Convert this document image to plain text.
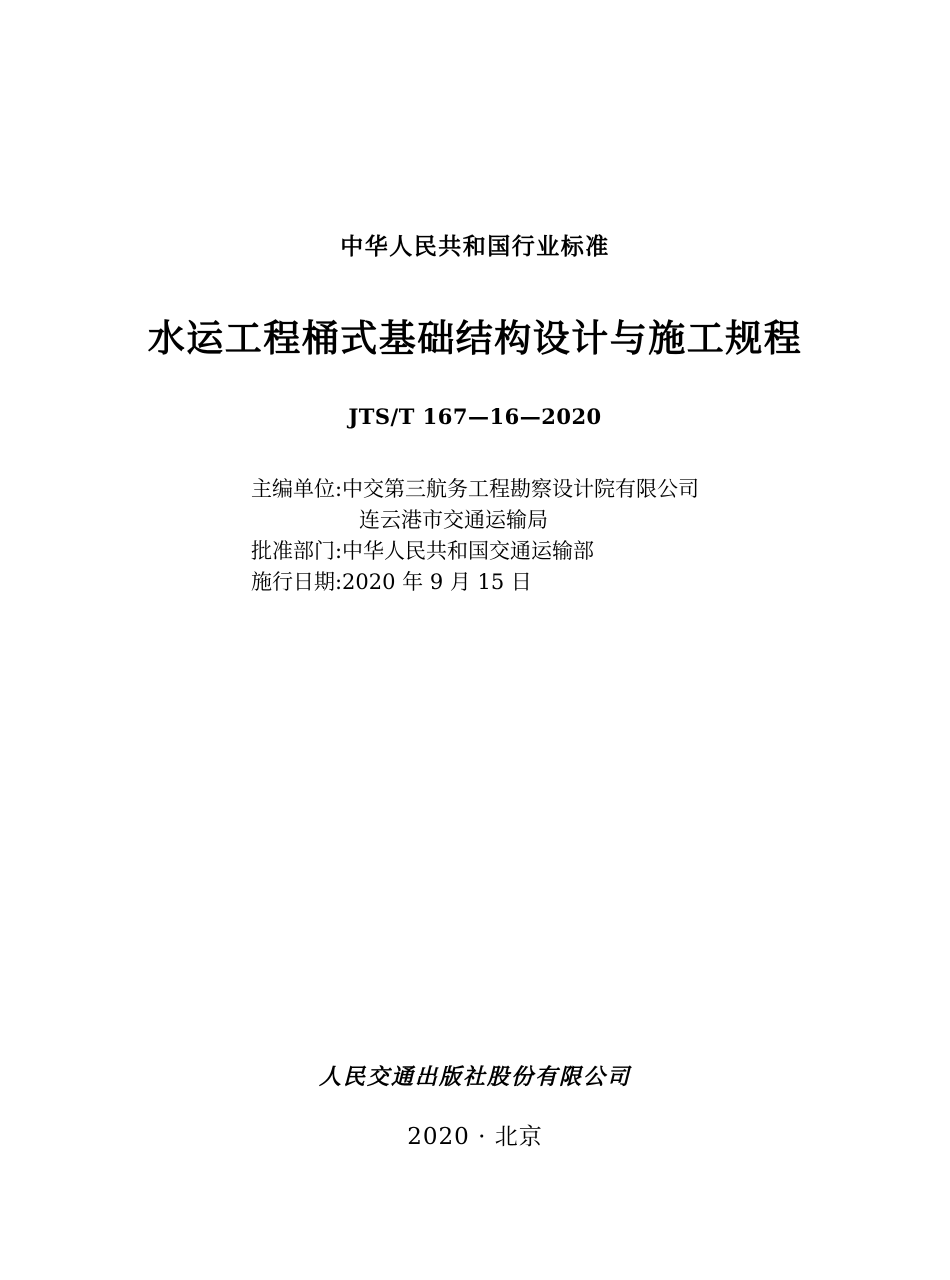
中华人民共和国行业标准
水运工程桶式基础结构设计与施工规程
JTS/T 167—16—2020
主编单位:中交第三航务工程勘察设计院有限公司
连云港市交通运输局
批准部门:中华人民共和国交通运输部
施行日期:2020 年 9 月 15 日
人民交通出版社股份有限公司
2020 · 北京
